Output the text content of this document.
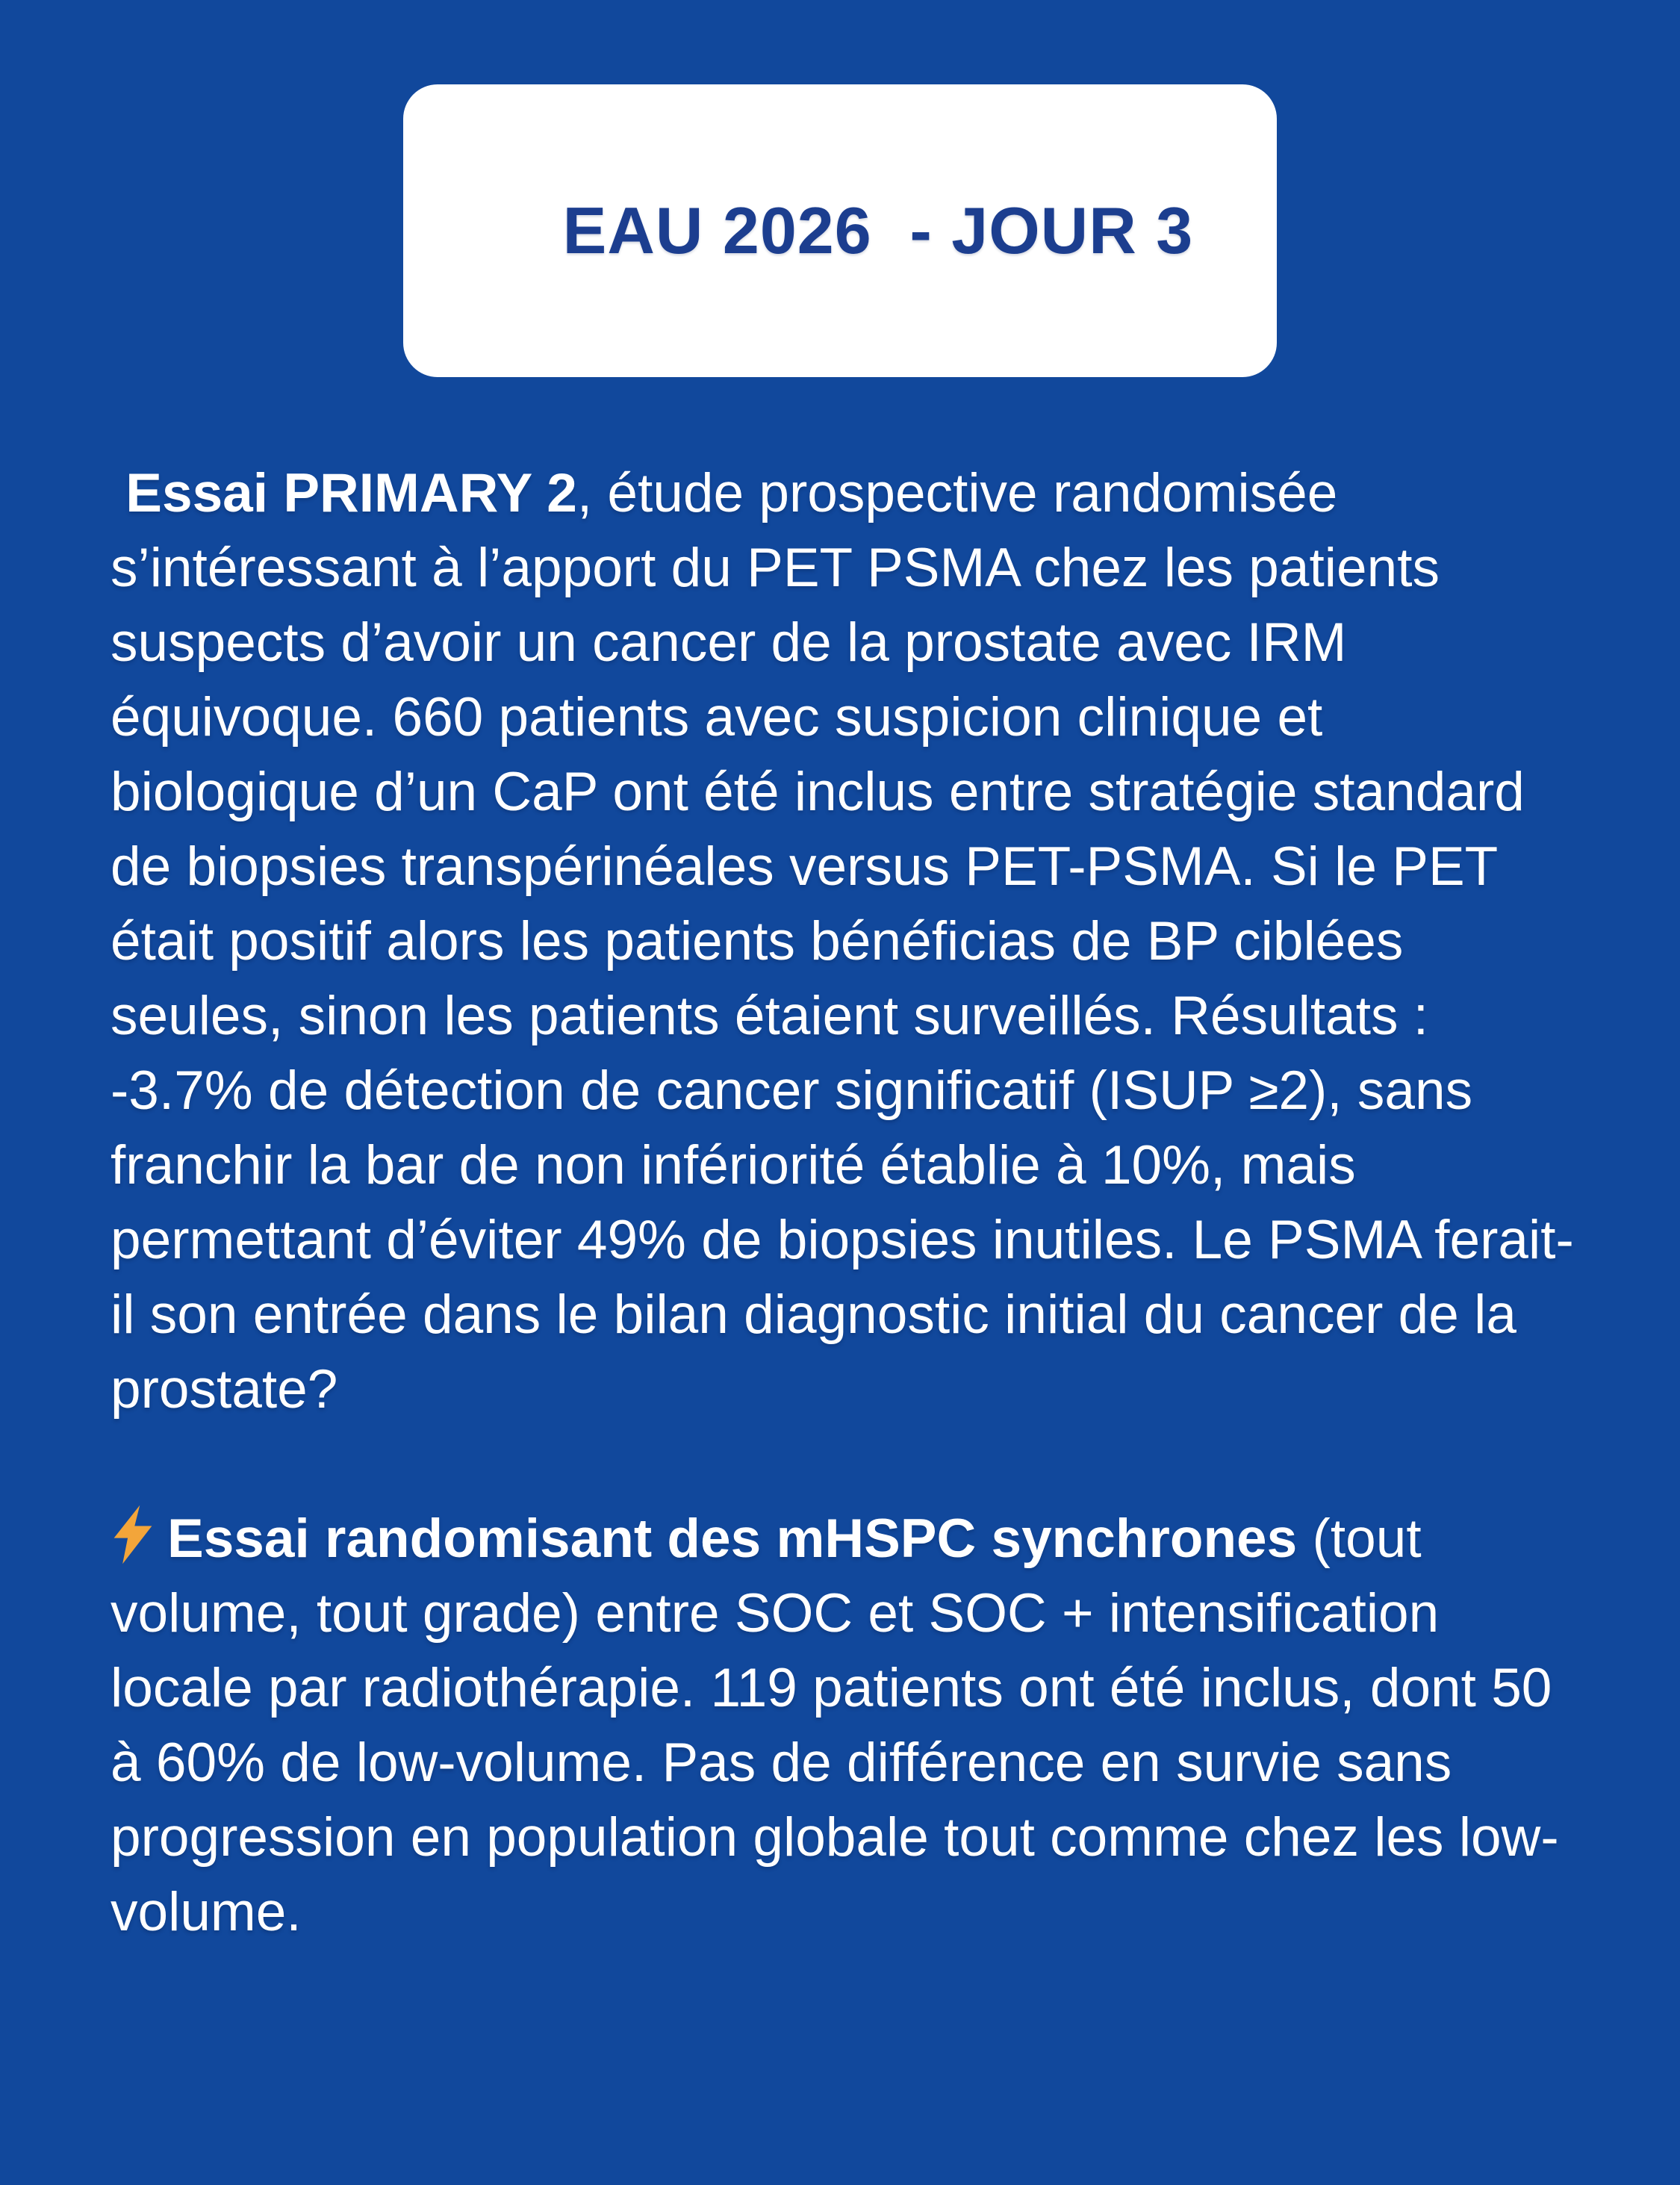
EAU 2026  - JOUR 3

Essai PRIMARY 2, étude prospective randomisée s’intéressant à l’apport du PET PSMA chez les patients suspects d’avoir un cancer de la prostate avec IRM équivoque. 660 patients avec suspicion clinique et biologique d’un CaP ont été inclus entre stratégie standard de biopsies transpérinéales versus PET-PSMA. Si le PET était positif alors les patients bénéficias de BP ciblées seules, sinon les patients étaient surveillés. Résultats : -3.7% de détection de cancer significatif (ISUP ≥2), sans franchir la bar de non infériorité établie à 10%, mais permettant d’éviter 49% de biopsies inutiles. Le PSMA ferait-il son entrée dans le bilan diagnostic initial du cancer de la prostate?

Essai randomisant des mHSPC synchrones (tout volume, tout grade) entre SOC et SOC + intensification locale par radiothérapie. 119 patients ont été inclus, dont 50 à 60% de low-volume. Pas de différence en survie sans progression en population globale tout comme chez les low-volume.
